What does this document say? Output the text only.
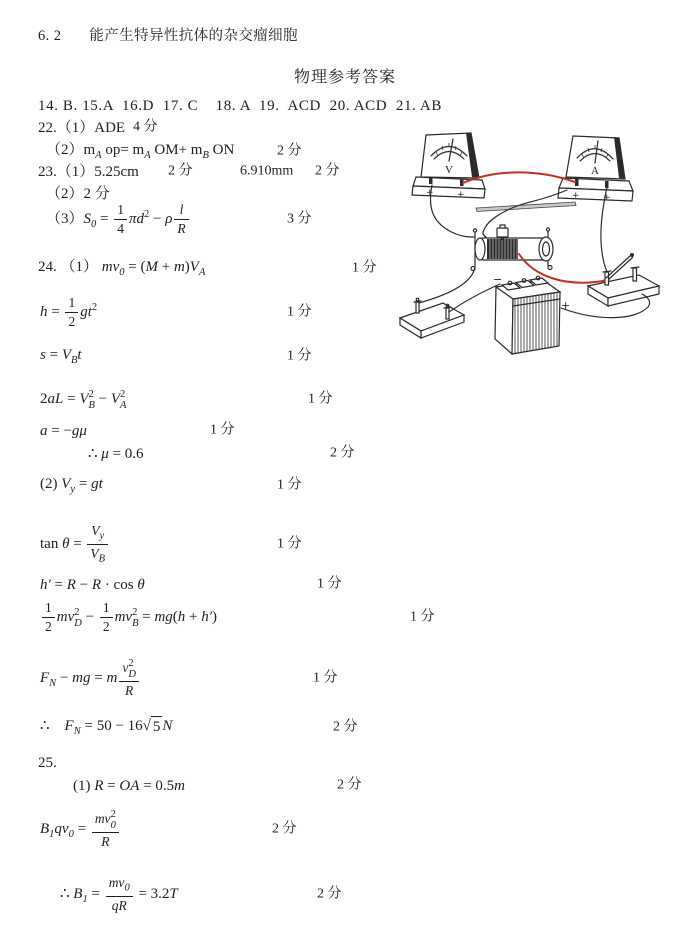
6. 2 能产生特异性抗体的杂交瘤细胞
物理参考答案
14. B. 15.A  16.D  17. C    18. A  19.  ACD  20. ACD  21. AB
22.（1）ADE 4 分
$(2)m_A$ $op= m_A$ $OM+ m_B$ ON	2 分
23.（1）5.25cm 2 分	6.910mm 2 分
（2）2 分
$(3)S_0 = \frac{1}{4} \pi d^2 - \rho \frac{l}{R}$	3 分
24. （1） $mv_0 = (M + m)V_A$	1 分
$h = \frac{1}{2} gt^2$	1 分
$s = V_Bt$	1 分
2aL = V 2
B − V 2
A	1 分
a = −gμ	1 分
∴ μ = 0.6	2 分
(2) $V_y$ = gt	1 分
$\tan \theta = \frac{V_y}{V_B}$	1 分
h′ = R − R · cos θ	1 分
$\frac{1}{2}$ mv 2
$D - \frac{1}{2}$ mv 2
B = mg(h + h′)	1 分
$F_N$ − mg = m v 2
D
R	1 分
∴    $F_N = 50 - 16$ √ 5 N	2 分
25.
(1) R = OA = 0.5m	2 分
$B_1qv_0$ = mv 2
0
R	2 分
∴ $B_1 = \frac{mv_0}{qR} = 3.2T$	2 分
V
+	+
A
+	+
−
+
